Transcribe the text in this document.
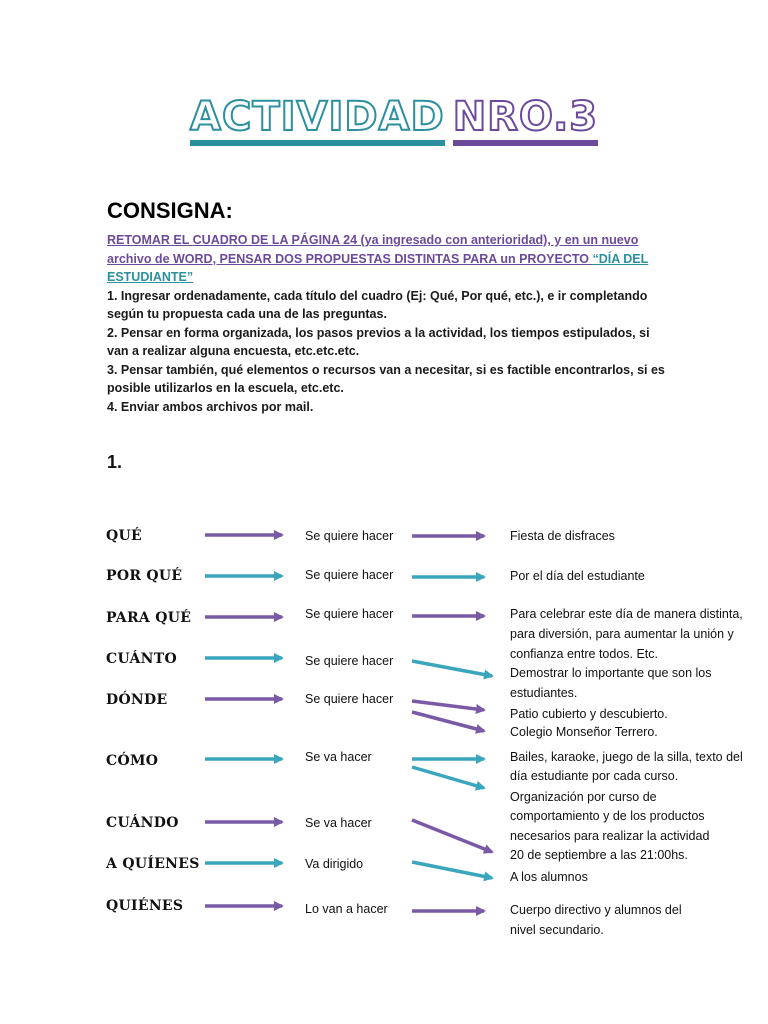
ACTIVIDAD NRO.3
CONSIGNA:

RETOMAR EL CUADRO DE LA PÁGINA 24 (ya ingresado con anterioridad), y en un nuevo archivo de WORD, PENSAR DOS PROPUESTAS DISTINTAS PARA un PROYECTO “DÍA DEL ESTUDIANTE”

1. Ingresar ordenadamente, cada título del cuadro (Ej: Qué, Por qué, etc.), e ir completando según tu propuesta cada una de las preguntas.

2. Pensar en forma organizada, los pasos previos a la actividad, los tiempos estipulados, si van a realizar alguna encuesta, etc.etc.etc.

3. Pensar también, qué elementos o recursos van a necesitar, si es factible encontrarlos, si es posible utilizarlos en la escuela, etc.etc.

4. Enviar ambos archivos por mail.

1.
QUÉ
POR QUÉ
PARA QUÉ
CUÁNTO
DÓNDE
CÓMO
CUÁNDO
A QUÍENES
QUIÉNES
Se quiere hacer
Se quiere hacer
Se quiere hacer
Se quiere hacer
Se quiere hacer
Se va hacer
Se va hacer
Va dirigido
Lo van a hacer
Fiesta de disfraces
Por el día del estudiante
Para celebrar este día de manera distinta,
para diversión, para aumentar la unión y
confianza entre todos. Etc.
Demostrar lo importante que son los
estudiantes.
Patio cubierto y descubierto.
Colegio Monseñor Terrero.
Bailes, karaoke, juego de la silla, texto del
día estudiante por cada curso.
Organización por curso de
comportamiento y de los productos
necesarios para realizar la actividad
20 de septiembre a las 21:00hs.
A los alumnos
Cuerpo directivo y alumnos del
nivel secundario.
